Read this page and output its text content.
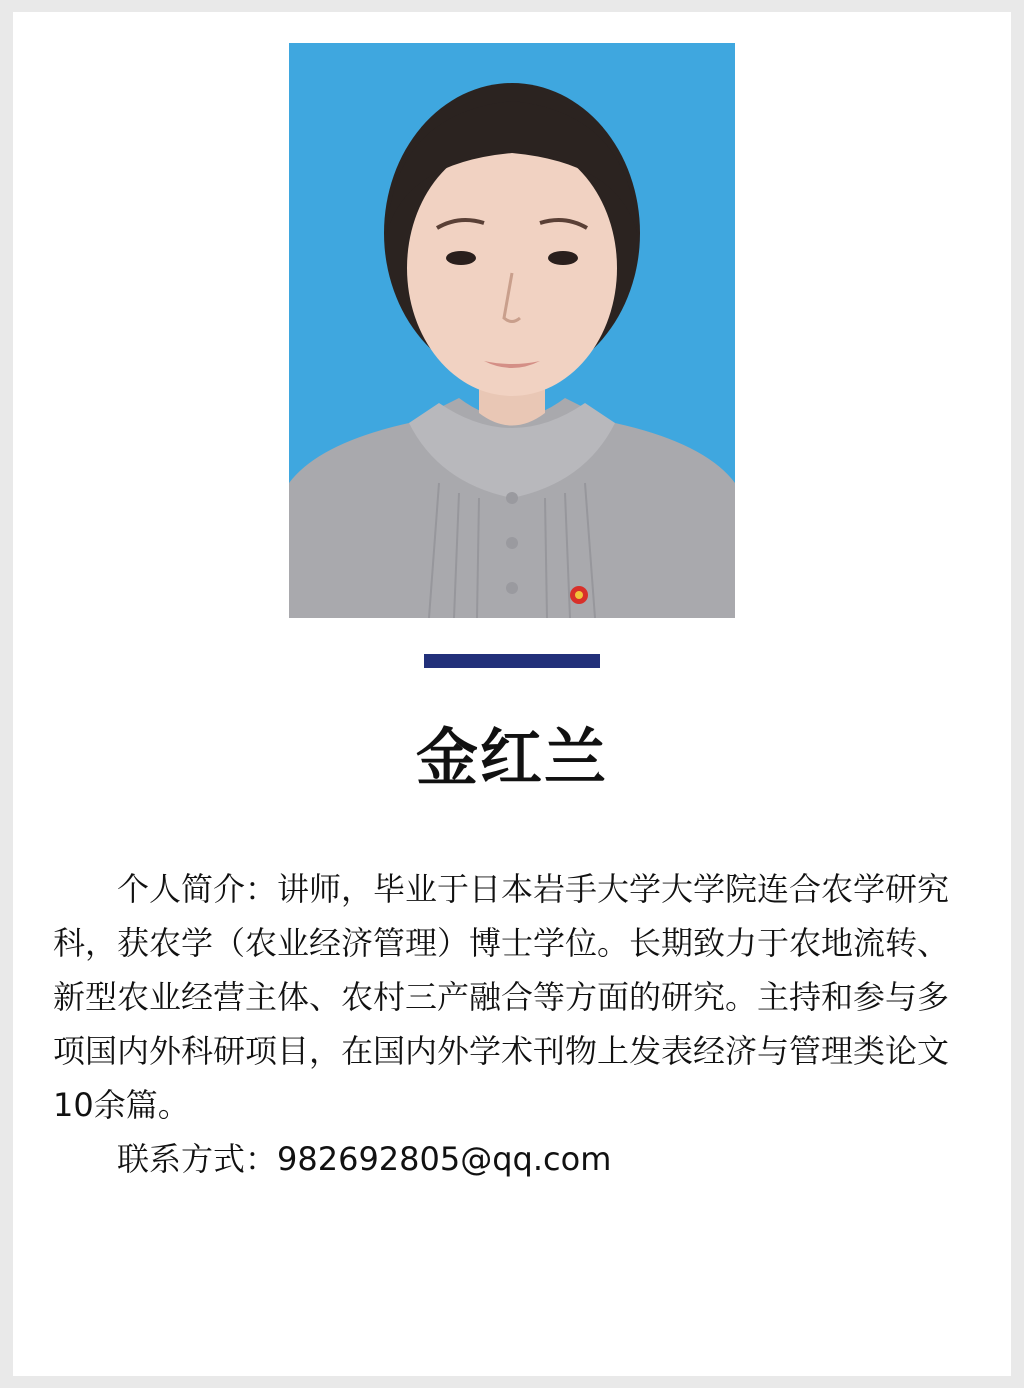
金红兰

个人简介：讲师，毕业于日本岩手大学大学院连合农学研究科，获农学（农业经济管理）博士学位。长期致力于农地流转、新型农业经营主体、农村三产融合等方面的研究。主持和参与多项国内外科研项目，在国内外学术刊物上发表经济与管理类论文10余篇。

联系方式：982692805@qq.com
